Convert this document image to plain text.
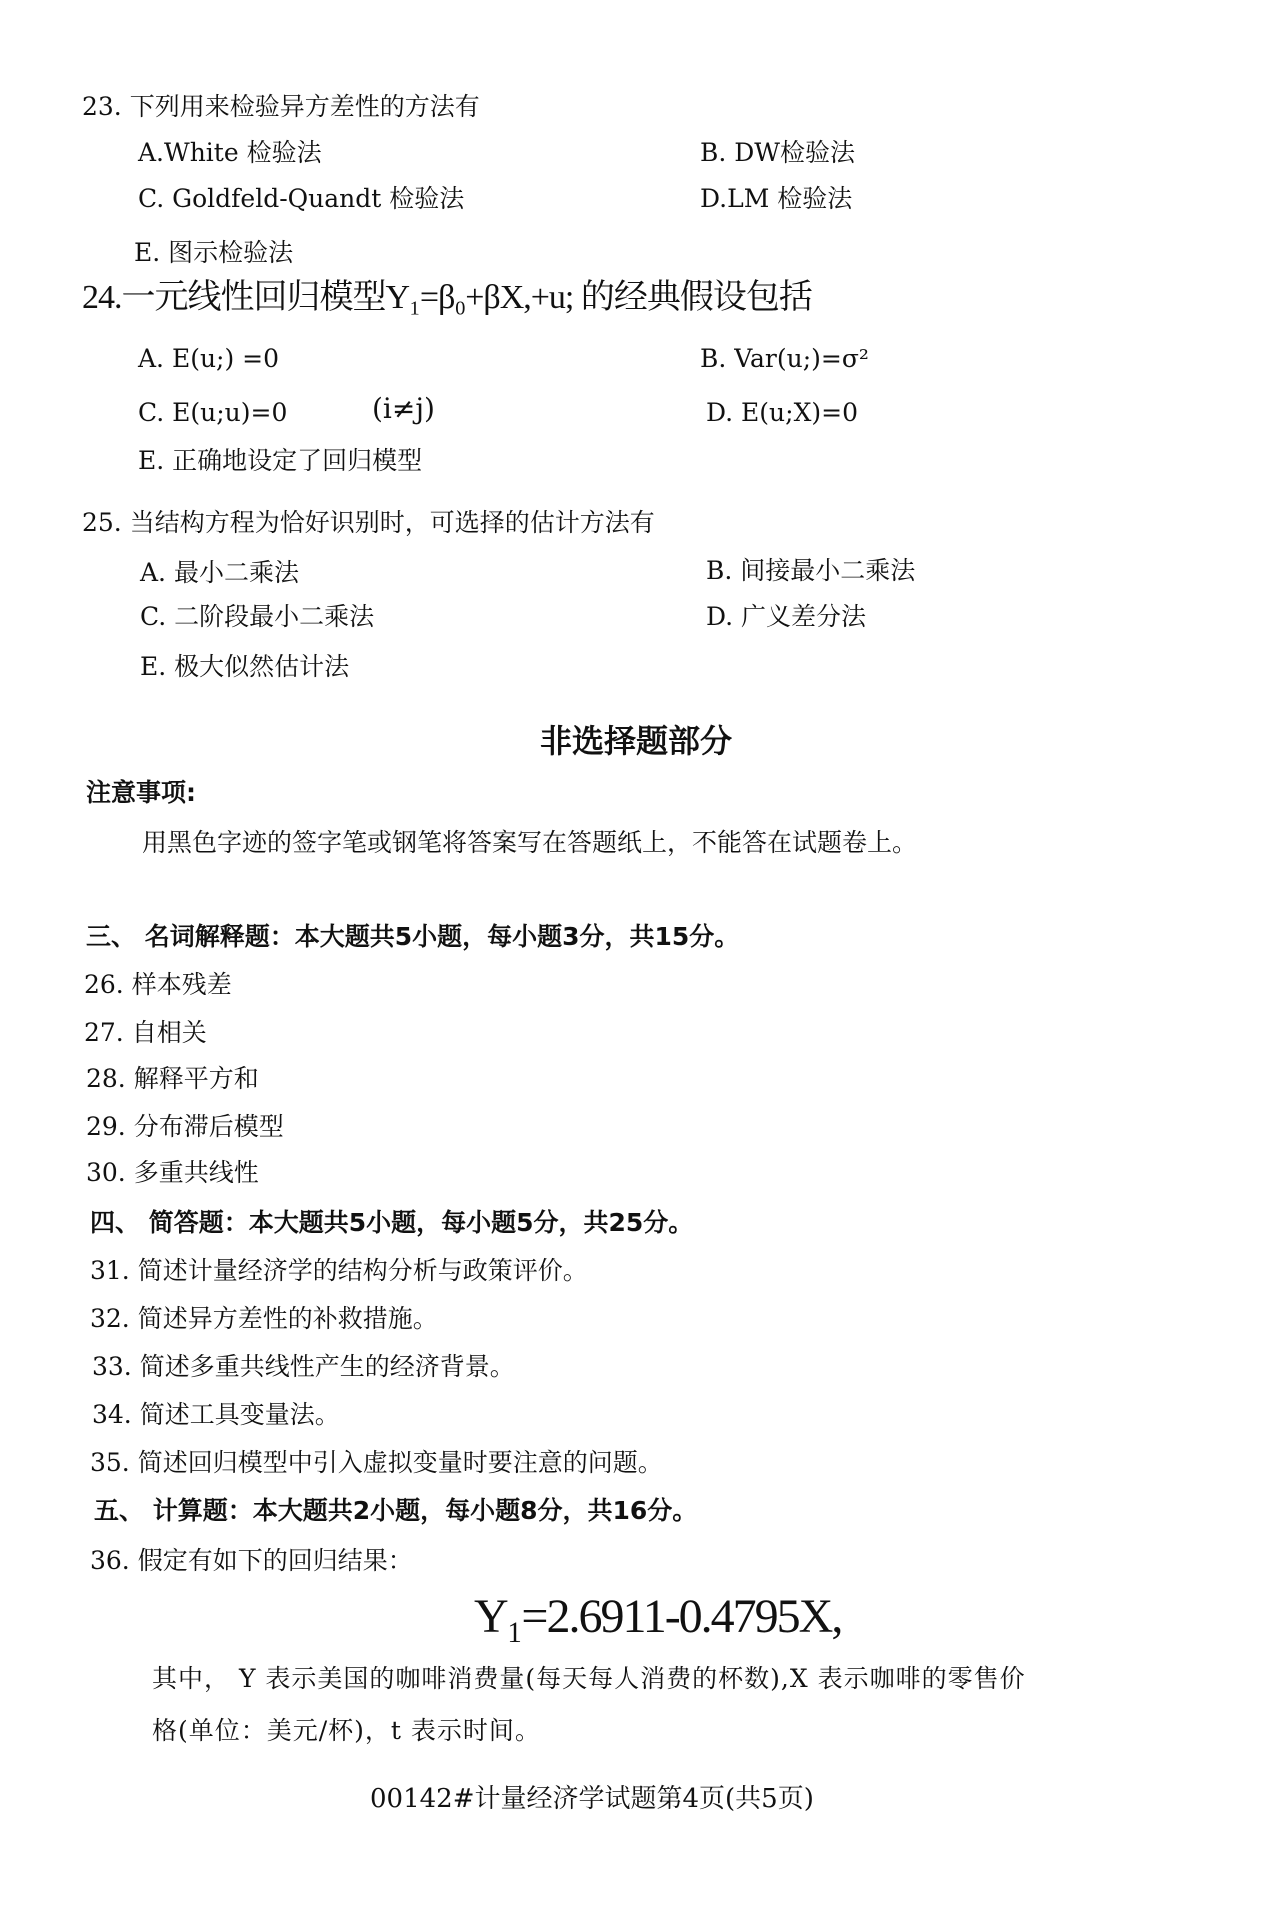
23. 下列用来检验异方差性的方法有
A.White 检验法	B. DW检验法
C. Goldfeld-Quandt 检验法	D.LM 检验法
E. 图示检验法
24.一元线性回归模型Y₁=β₀+βX,+u; 的经典假设包括
A. E(u;) =0	B. Var(u;)=σ²
C. E(u;u)=0	(i≠j)	D. E(u;X)=0
E. 正确地设定了回归模型
25. 当结构方程为恰好识别时，可选择的估计方法有
A. 最小二乘法	B. 间接最小二乘法
C. 二阶段最小二乘法	D. 广义差分法
E. 极大似然估计法
非选择题部分
注意事项:
用黑色字迹的签字笔或钢笔将答案写在答题纸上，不能答在试题卷上。
三、 名词解释题：本大题共5小题，每小题3分，共15分。
26. 样本残差
27. 自相关
28. 解释平方和
29. 分布滞后模型
30. 多重共线性
四、 简答题：本大题共5小题，每小题5分，共25分。
31. 简述计量经济学的结构分析与政策评价。
32. 简述异方差性的补救措施。
33. 简述多重共线性产生的经济背景。
34. 简述工具变量法。
35. 简述回归模型中引入虚拟变量时要注意的问题。
五、 计算题：本大题共2小题，每小题8分，共16分。
36. 假定有如下的回归结果：
Y₁=2.6911-0.4795X,
其中， Y 表示美国的咖啡消费量(每天每人消费的杯数),X 表示咖啡的零售价
格(单位：美元/杯)，t 表示时间。
00142#计量经济学试题第4页(共5页)
